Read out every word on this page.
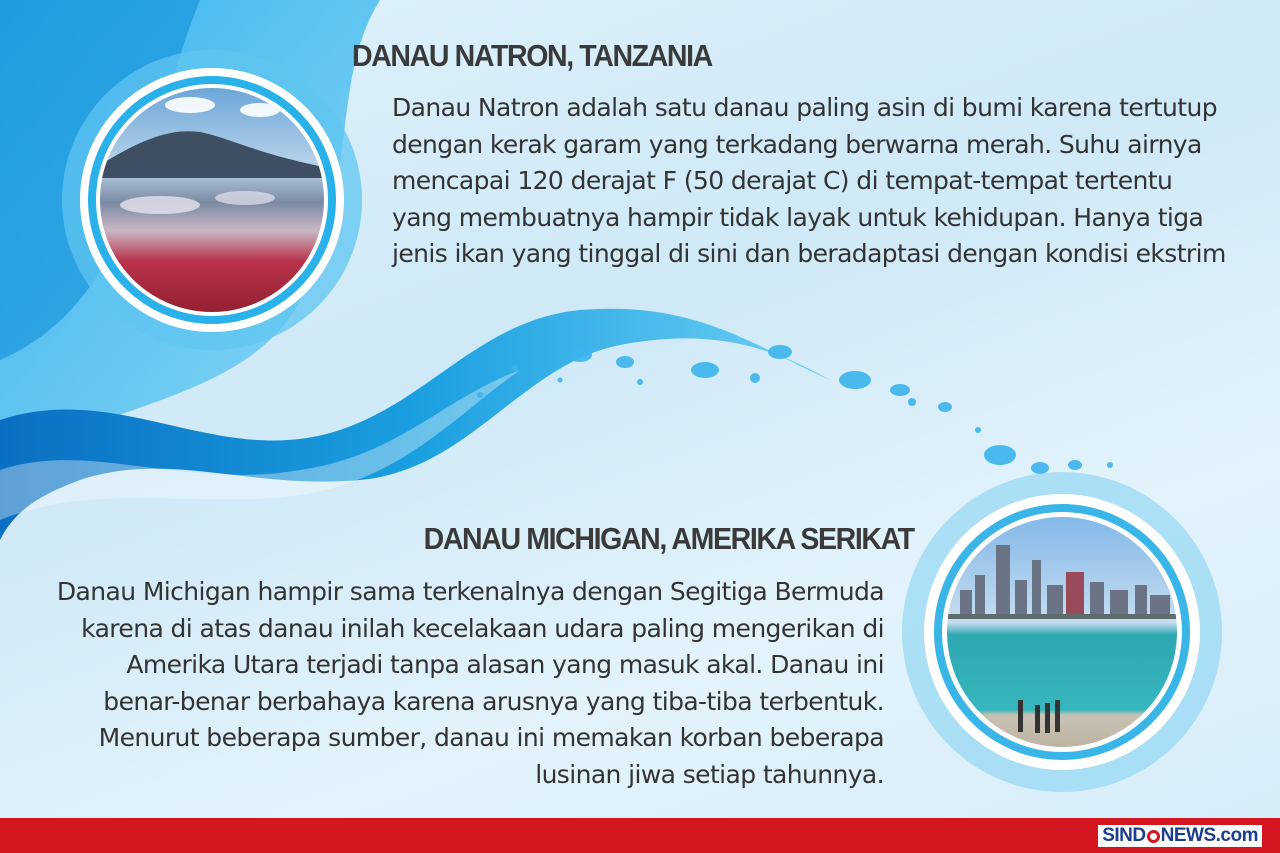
DANAU NATRON, TANZANIA

Danau Natron adalah satu danau paling asin di bumi karena tertutup
dengan kerak garam yang terkadang berwarna merah. Suhu airnya
mencapai 120 derajat F (50 derajat C) di tempat-tempat tertentu
yang membuatnya hampir tidak layak untuk kehidupan. Hanya tiga
jenis ikan yang tinggal di sini dan beradaptasi dengan kondisi ekstrim

DANAU MICHIGAN, AMERIKA SERIKAT

Danau Michigan hampir sama terkenalnya dengan Segitiga Bermuda
karena di atas danau inilah kecelakaan udara paling mengerikan di
Amerika Utara terjadi tanpa alasan yang masuk akal. Danau ini
benar-benar berbahaya karena arusnya yang tiba-tiba terbentuk.
Menurut beberapa sumber, danau ini memakan korban beberapa
lusinan jiwa setiap tahunnya.

SIND NEWS.com
